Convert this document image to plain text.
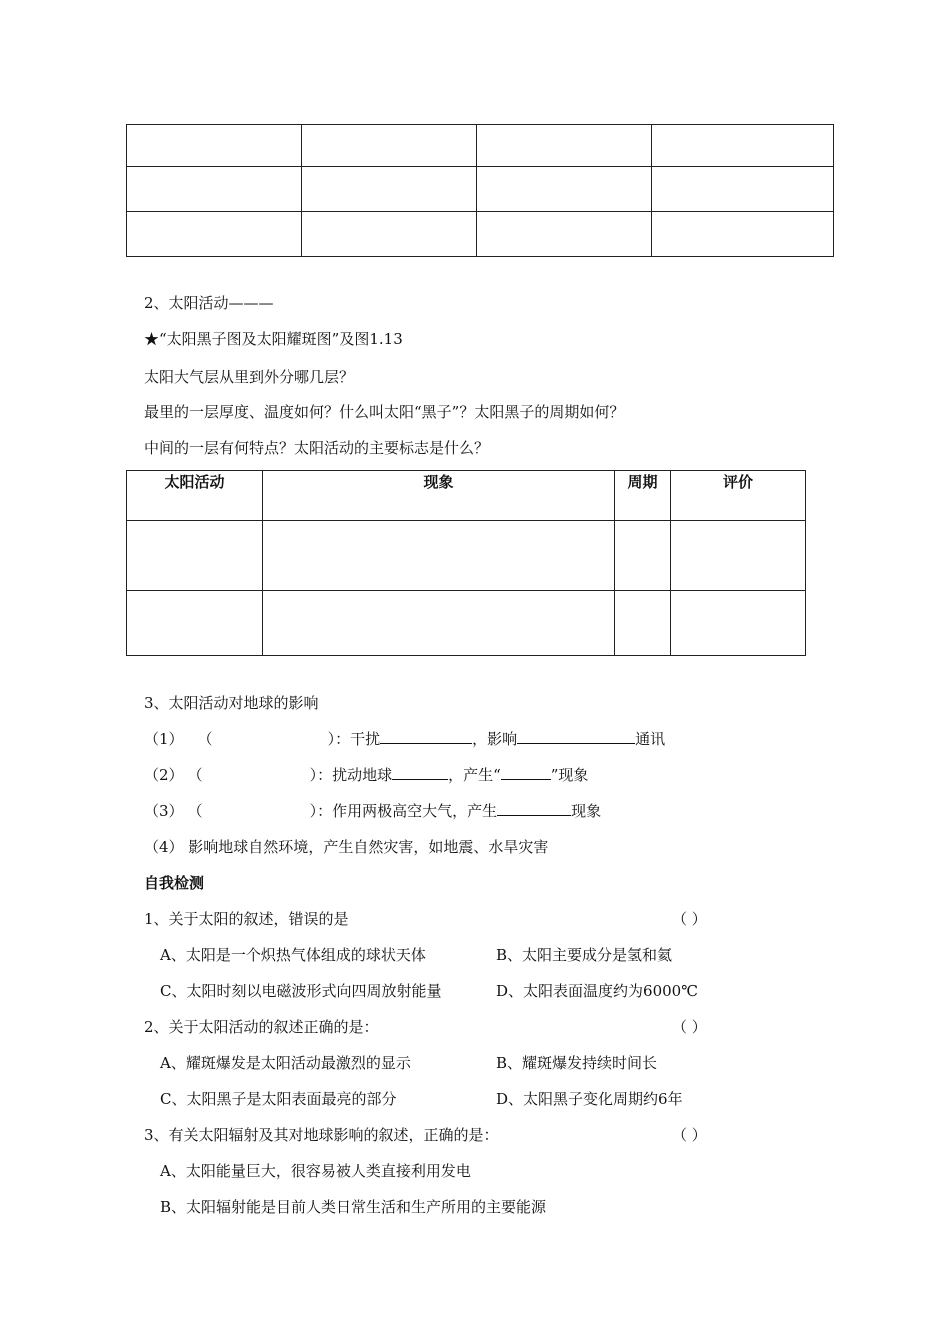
2、太阳活动———
★“太阳黑子图及太阳耀斑图”及图1.13
太阳大气层从里到外分哪几层？
最里的一层厚度、温度如何？什么叫太阳“黑子”？太阳黑子的周期如何？
中间的一层有何特点？太阳活动的主要标志是什么？
太阳活动	现象	周期	评价

3、太阳活动对地球的影响
（1） （	）：干扰	，影响	通讯
（2） （	）：扰动地球	，产生“	”现象
（3） （	）：作用两极高空大气，产生	现象
（4） 影响地球自然环境，产生自然灾害，如地震、水旱灾害
自我检测
1、关于太阳的叙述，错误的是	（ ）
A、太阳是一个炽热气体组成的球状天体	B、太阳主要成分是氢和氦
C、太阳时刻以电磁波形式向四周放射能量	D、太阳表面温度约为6000℃
2、关于太阳活动的叙述正确的是：	（ ）
A、耀斑爆发是太阳活动最激烈的显示	B、耀斑爆发持续时间长
C、太阳黑子是太阳表面最亮的部分	D、太阳黑子变化周期约6年
3、有关太阳辐射及其对地球影响的叙述，正确的是：	（ ）
A、太阳能量巨大，很容易被人类直接利用发电
B、太阳辐射能是目前人类日常生活和生产所用的主要能源
